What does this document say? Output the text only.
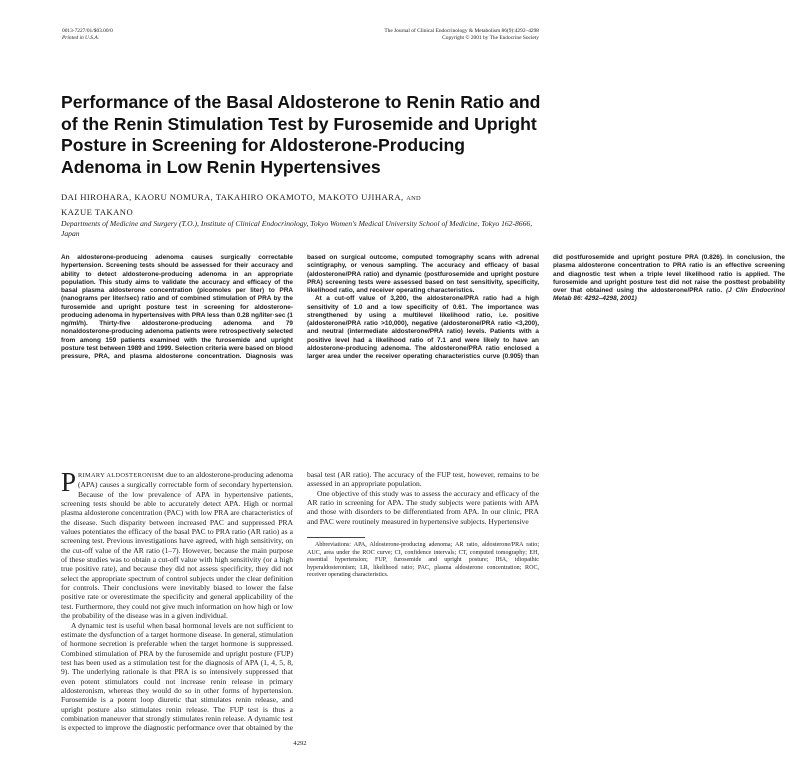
0013-7227/01/$03.00/0
Printed in U.S.A.
The Journal of Clinical Endocrinology & Metabolism 86(9):4292–4298
Copyright © 2001 by The Endocrine Society
Performance of the Basal Aldosterone to Renin Ratio and of the Renin Stimulation Test by Furosemide and Upright Posture in Screening for Aldosterone-Producing Adenoma in Low Renin Hypertensives
DAI HIROHARA, KAORU NOMURA, TAKAHIRO OKAMOTO, MAKOTO UJIHARA, AND
KAZUE TAKANO
Departments of Medicine and Surgery (T.O.), Institute of Clinical Endocrinology, Tokyo Women's Medical University School of Medicine, Tokyo 162-8666, Japan

An aldosterone-producing adenoma causes surgically correctable hypertension. Screening tests should be assessed for their accuracy and ability to detect aldosterone-producing adenoma in an appropriate population. This study aims to validate the accuracy and efficacy of the basal plasma aldosterone concentration (picomoles per liter) to PRA (nanograms per liter/sec) ratio and of combined stimulation of PRA by the furosemide and upright posture test in screening for aldosterone-producing adenoma in hypertensives with PRA less than 0.28 ng/liter·sec (1 ng/ml/h). Thirty-five aldosterone-producing adenoma and 79 nonaldosterone-producing adenoma patients were retrospectively selected from among 159 patients examined with the furosemide and upright posture test between 1989 and 1999. Selection criteria were based on blood pressure, PRA, and plasma aldosterone concentration. Diagnosis was based on surgical outcome, computed tomography scans with adrenal scintigraphy, or venous sampling. The accuracy and efficacy of basal (aldosterone/PRA ratio) and dynamic (postfurosemide and upright posture PRA) screening tests were assessed based on test sensitivity, specificity, likelihood ratio, and receiver operating characteristics.

At a cut-off value of 3,200, the aldosterone/PRA ratio had a high sensitivity of 1.0 and a low specificity of 0.61. The importance was strengthened by using a multilevel likelihood ratio, i.e. positive (aldosterone/PRA ratio >10,000), negative (aldosterone/PRA ratio <3,200), and neutral (intermediate aldosterone/PRA ratio) levels. Patients with a positive level had a likelihood ratio of 7.1 and were likely to have an aldosterone-producing adenoma. The aldosterone/PRA ratio enclosed a larger area under the receiver operating characteristics curve (0.905) than did postfurosemide and upright posture PRA (0.826). In conclusion, the plasma aldosterone concentration to PRA ratio is an effective screening and diagnostic test when a triple level likelihood ratio is applied. The furosemide and upright posture test did not raise the posttest probability over that obtained using the aldosterone/PRA ratio. (J Clin Endocrinol Metab 86: 4292–4298, 2001)

PRIMARY ALDOSTERONISM due to an aldosterone-producing adenoma (APA) causes a surgically correctable form of secondary hypertension. Because of the low prevalence of APA in hypertensive patients, screening tests should be able to accurately detect APA. High or normal plasma aldosterone concentration (PAC) with low PRA are characteristics of the disease. Such disparity between increased PAC and suppressed PRA values potentiates the efficacy of the basal PAC to PRA ratio (AR ratio) as a screening test. Previous investigations have agreed, with high sensitivity, on the cut-off value of the AR ratio (1–7). However, because the main purpose of these studies was to obtain a cut-off value with high sensitivity (or a high true positive rate), and because they did not assess specificity, they did not select the appropriate spectrum of control subjects under the clear definition for controls. Their conclusions were inevitably biased to lower the false positive rate or overestimate the specificity and general applicability of the test. Furthermore, they could not give much information on how high or low the probability of the disease was in a given individual.

A dynamic test is useful when basal hormonal levels are not sufficient to estimate the dysfunction of a target hormone disease. In general, stimulation of hormone secretion is preferable when the target hormone is suppressed. Combined stimulation of PRA by the furosemide and upright posture (FUP) test has been used as a stimulation test for the diagnosis of APA (1, 4, 5, 8, 9). The underlying rationale is that PRA is so intensively suppressed that even potent stimulators could not increase renin release in primary aldosteronism, whereas they would do so in other forms of hypertension. Furosemide is a potent loop diuretic that stimulates renin release, and upright posture also stimulates renin release. The FUP test is thus a combination maneuver that strongly stimulates renin release. A dynamic test is expected to improve the diagnostic performance over that obtained by the basal test (AR ratio). The accuracy of the FUP test, however, remains to be assessed in an appropriate population.

One objective of this study was to assess the accuracy and efficacy of the AR ratio in screening for APA. The study subjects were patients with APA and those with disorders to be differentiated from APA. In our clinic, PRA and PAC were routinely measured in hypertensive subjects. Hypertensive

Abbreviations: APA, Aldosterone-producing adenoma; AR ratio, aldosterone/PRA ratio; AUC, area under the ROC curve; CI, confidence intervals; CT, computed tomography; EH, essential hypertension; FUP, furosemide and upright posture; IHA, idiopathic hyperaldosteronism; LR, likelihood ratio; PAC, plasma aldosterone concentration; ROC, receiver operating characteristics.

4292
